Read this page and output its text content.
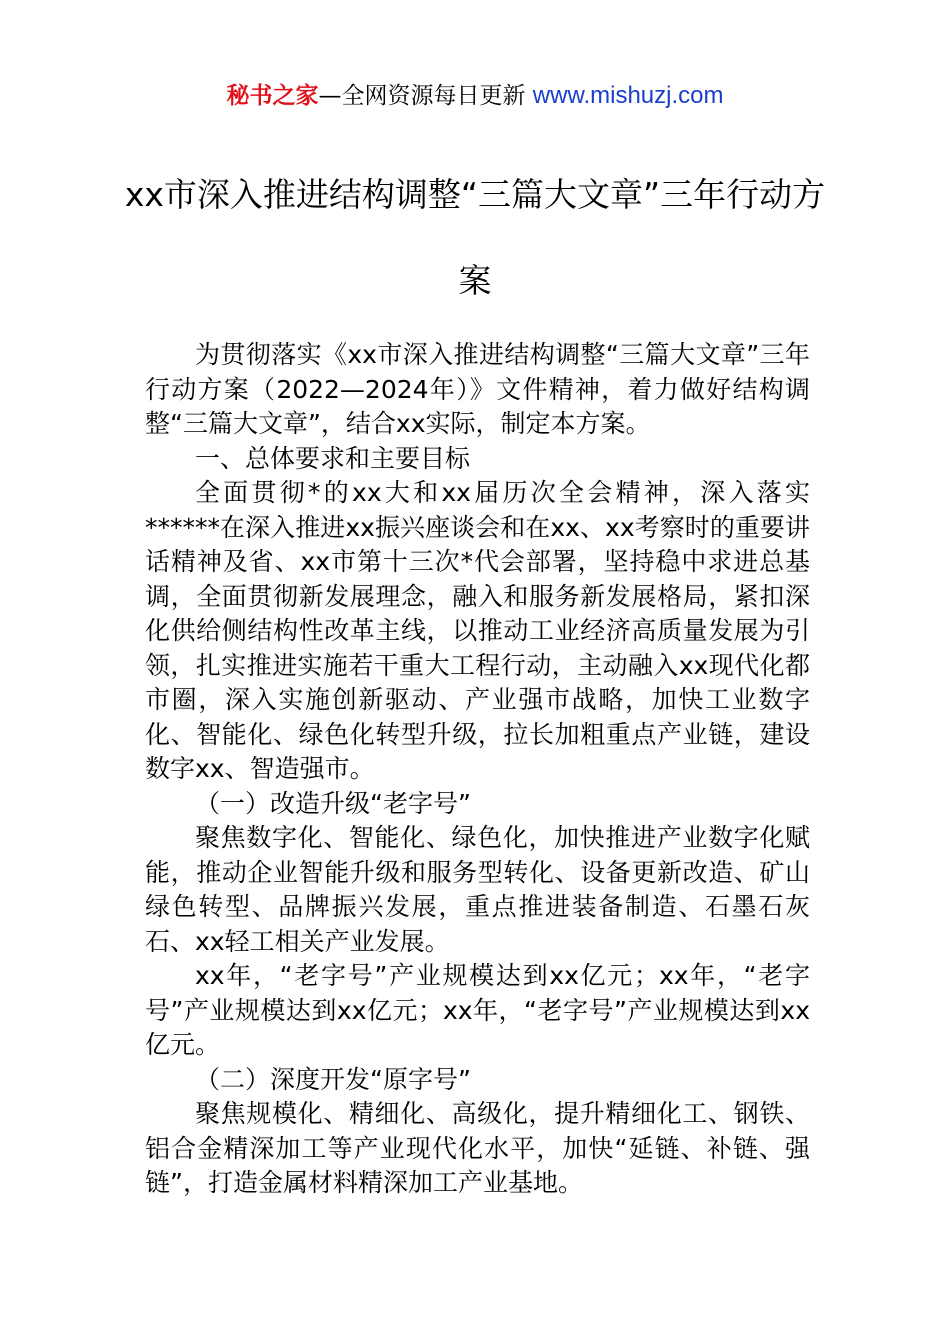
秘书之家—全网资源每日更新 www.mishuzj.com
xx市深入推进结构调整“三篇大文章”三年行动方案

为贯彻落实《xx市深入推进结构调整“三篇大文章”三年行动方案（2022—2024年）》文件精神，着力做好结构调整“三篇大文章”，结合xx实际，制定本方案。

一、总体要求和主要目标

全面贯彻*的xx大和xx届历次全会精神，深入落实******在深入推进xx振兴座谈会和在xx、xx考察时的重要讲话精神及省、xx市第十三次*代会部署，坚持稳中求进总基调，全面贯彻新发展理念，融入和服务新发展格局，紧扣深化供给侧结构性改革主线，以推动工业经济高质量发展为引领，扎实推进实施若干重大工程行动，主动融入xx现代化都市圈，深入实施创新驱动、产业强市战略，加快工业数字化、智能化、绿色化转型升级，拉长加粗重点产业链，建设数字xx、智造强市。

（一）改造升级“老字号”

聚焦数字化、智能化、绿色化，加快推进产业数字化赋能，推动企业智能升级和服务型转化、设备更新改造、矿山绿色转型、品牌振兴发展，重点推进装备制造、石墨石灰石、xx轻工相关产业发展。

xx年，“老字号”产业规模达到xx亿元；xx年，“老字号”产业规模达到xx亿元；xx年，“老字号”产业规模达到xx亿元。

（二）深度开发“原字号”

聚焦规模化、精细化、高级化，提升精细化工、钢铁、铝合金精深加工等产业现代化水平，加快“延链、补链、强链”，打造金属材料精深加工产业基地。
